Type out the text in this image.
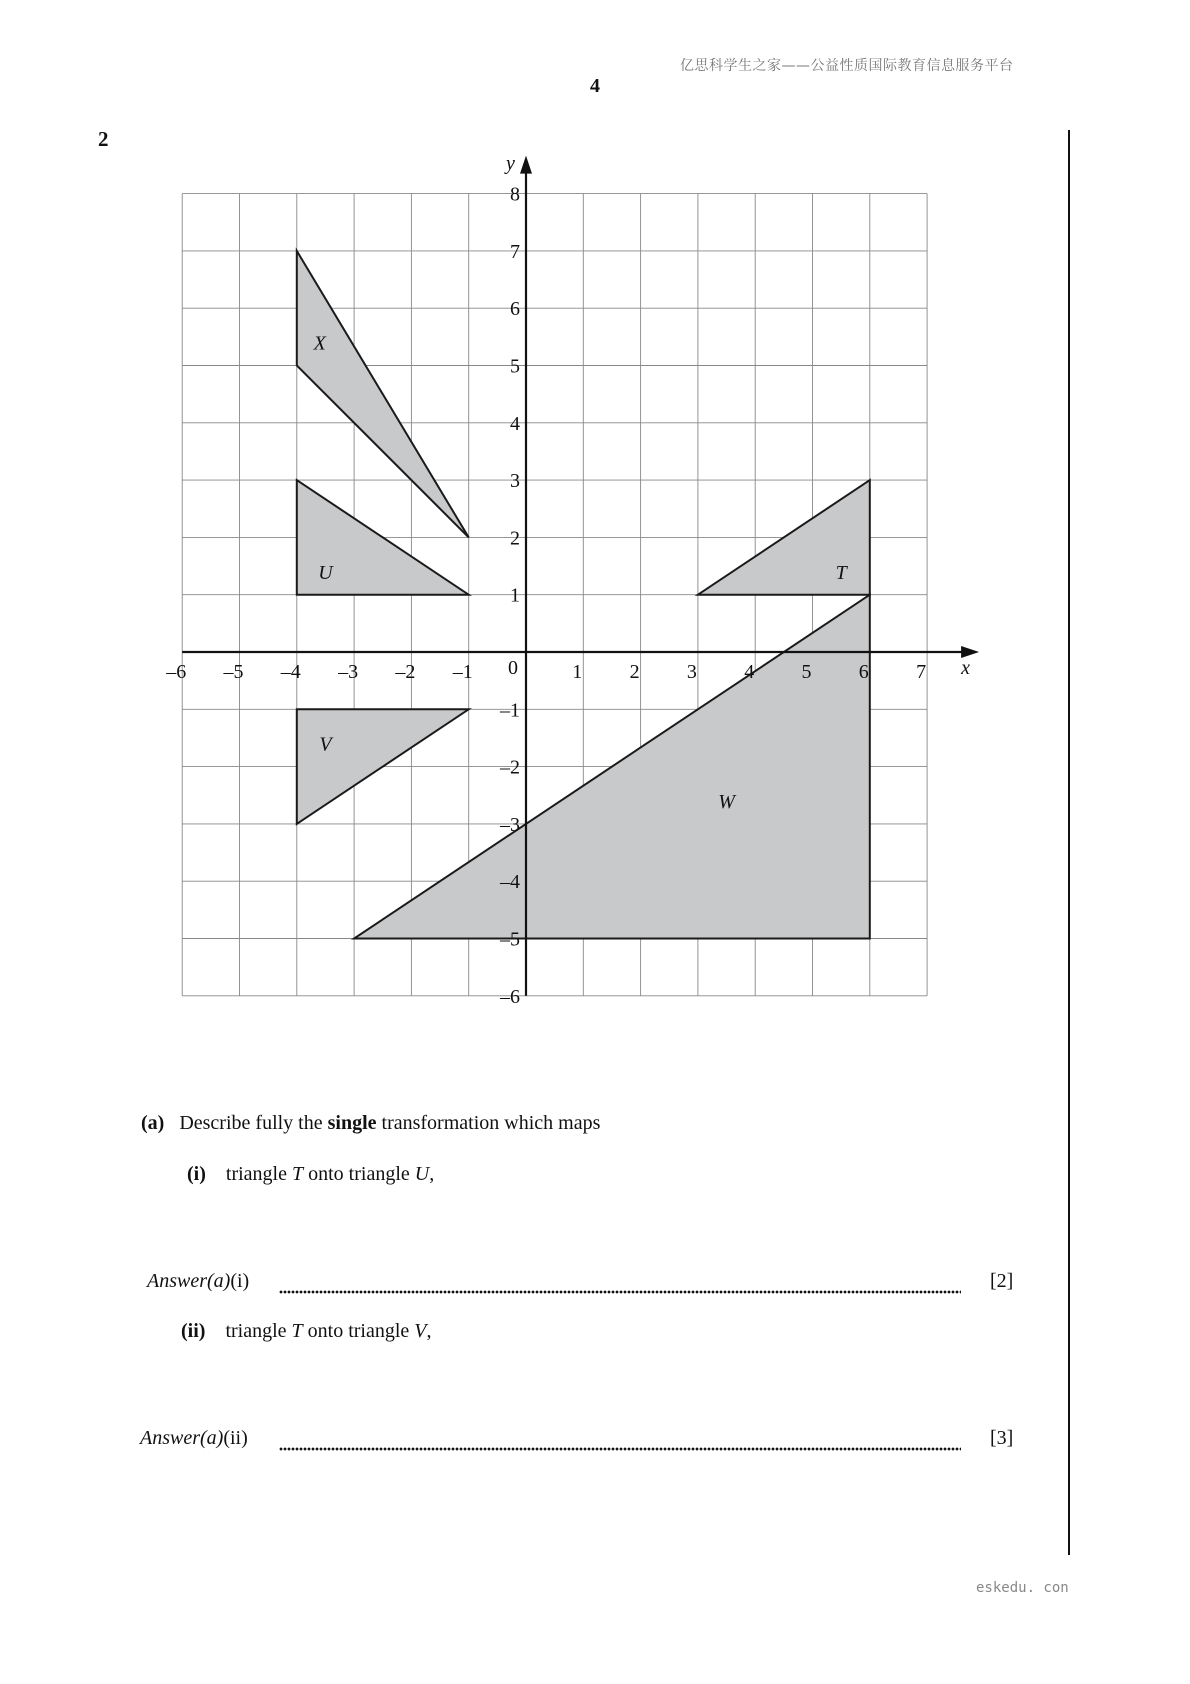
亿思科学生之家——公益性质国际教育信息服务平台
4
2
X
U	T
V
W
x
y
0
–6 –5 –4 –3 –2 –1	1 2 3 4 5 6 7
8
7
6
5
4
3
2
1
–1
–2
–3
–4
–5
–6
(a) Describe fully the single transformation which maps
(i) triangle T onto triangle U,
Answer(a)(i)	[2]
(ii) triangle T onto triangle V,
Answer(a)(ii)	[3]
eskedu. con
